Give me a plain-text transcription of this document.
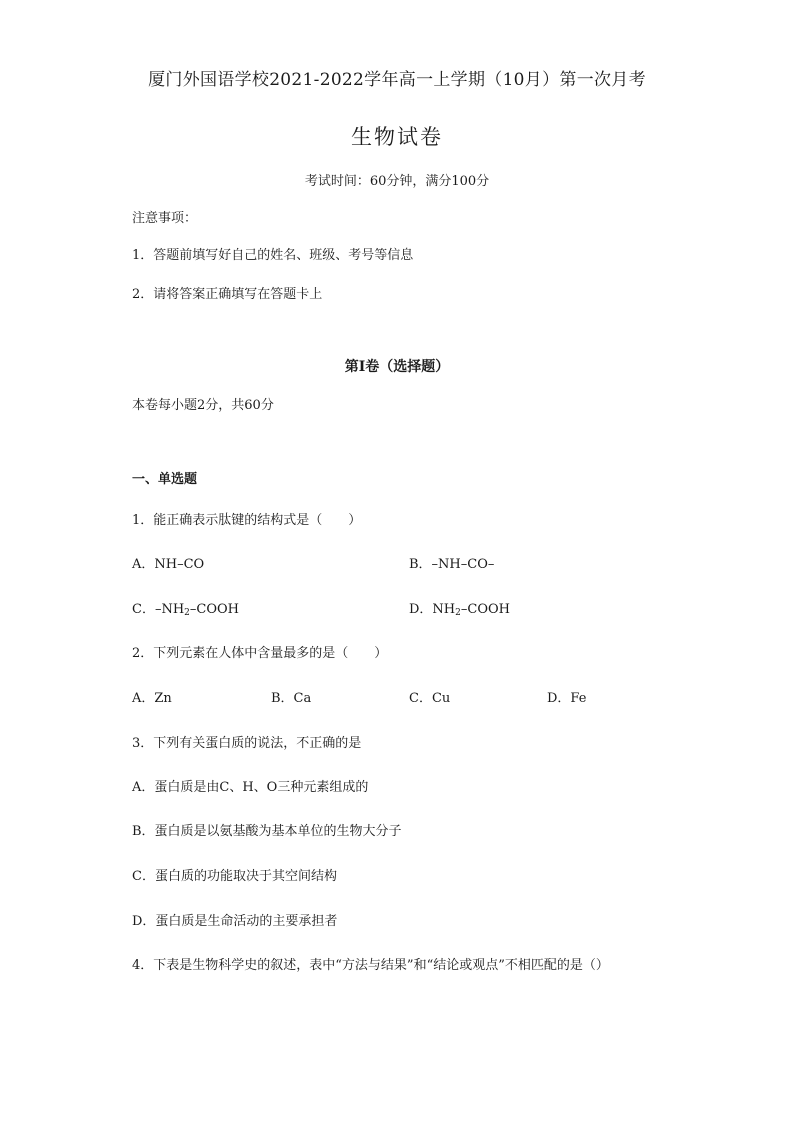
厦门外国语学校2021-2022学年高一上学期（10月）第一次月考
生物试卷
考试时间：60分钟，满分100分
注意事项：
1．答题前填写好自己的姓名、班级、考号等信息
2．请将答案正确填写在答题卡上
第I卷（选择题）
本卷每小题2分，共60分
一、单选题
1．能正确表示肽键的结构式是（　　）
A．NH–CO	B．–NH–CO–
C．$-NH_2$–COOH	D．$NH_2$–COOH
2．下列元素在人体中含量最多的是（　　）
A．Zn	B．Ca	C．Cu	D．Fe
3．下列有关蛋白质的说法，不正确的是
A．蛋白质是由C、H、O三种元素组成的
B．蛋白质是以氨基酸为基本单位的生物大分子
C．蛋白质的功能取决于其空间结构
D．蛋白质是生命活动的主要承担者
4．下表是生物科学史的叙述，表中“方法与结果”和“结论或观点”不相匹配的是（）
